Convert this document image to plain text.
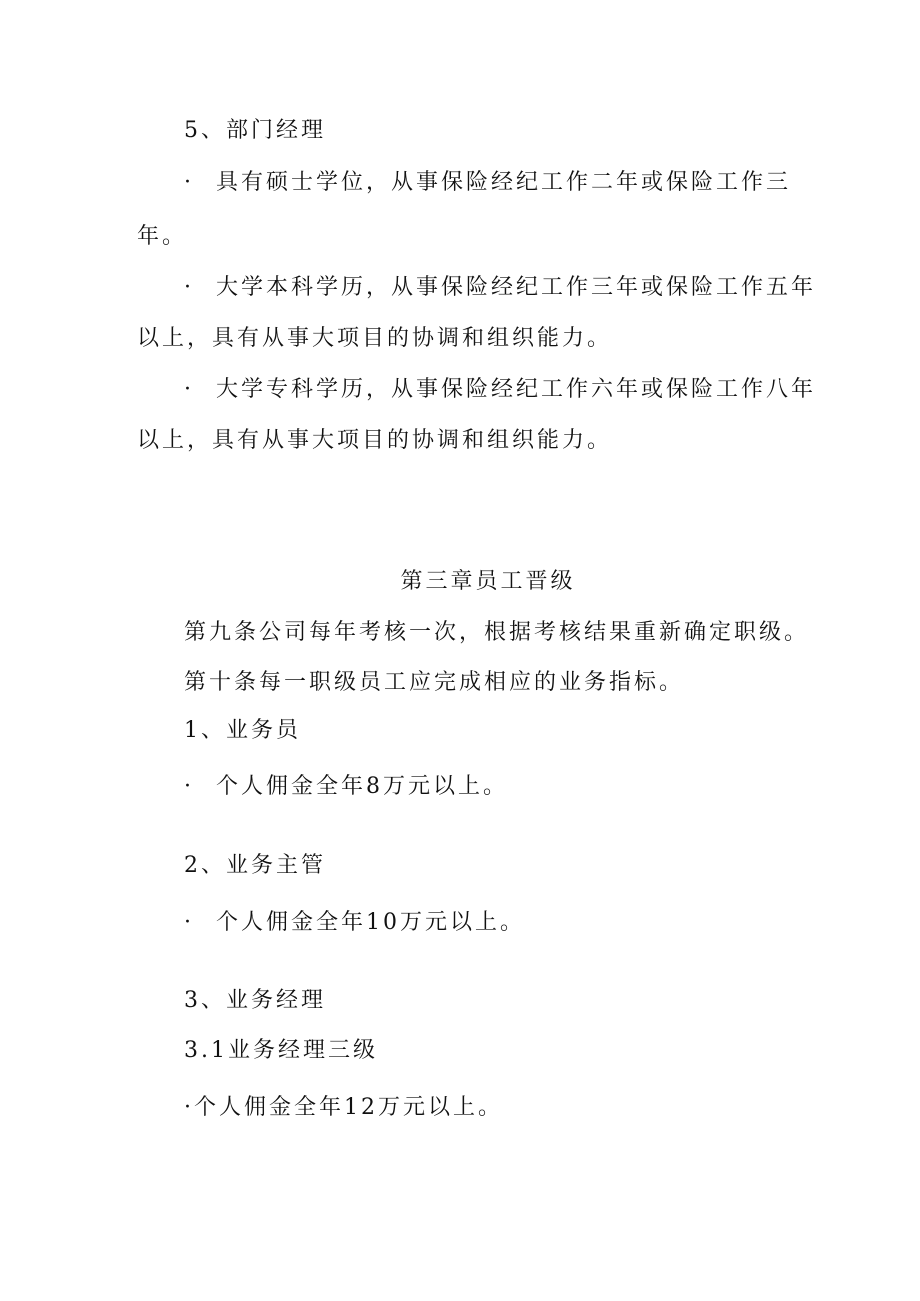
5、部门经理
· 具有硕士学位，从事保险经纪工作二年或保险工作三
年。
· 大学本科学历，从事保险经纪工作三年或保险工作五年
以上，具有从事大项目的协调和组织能力。
· 大学专科学历，从事保险经纪工作六年或保险工作八年
以上，具有从事大项目的协调和组织能力。
第三章员工晋级
第九条公司每年考核一次，根据考核结果重新确定职级。
第十条每一职级员工应完成相应的业务指标。
1、业务员
· 个人佣金全年8万元以上。
2、业务主管
· 个人佣金全年10万元以上。
3、业务经理
3.1业务经理三级
·个人佣金全年12万元以上。
